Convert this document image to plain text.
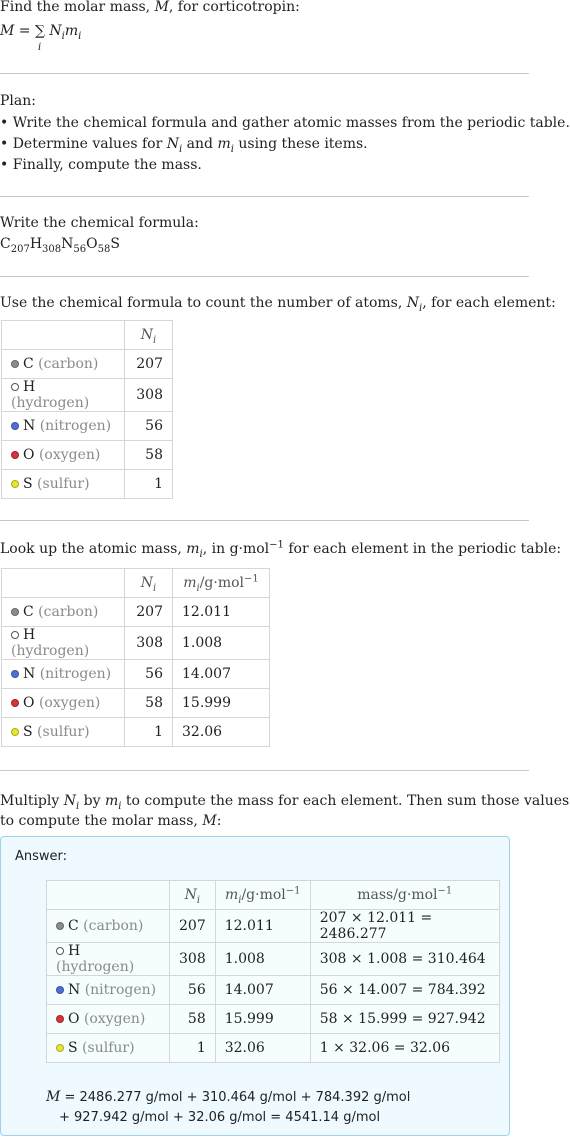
Find the molar mass, M, for corticotropin:
M = ∑ $N_im_i$
i
Plan:
• Write the chemical formula and gather atomic masses from the periodic table.
• Determine values for $N_i$ and $m_i$ using these items.
• Finally, compute the mass.
Write the chemical formula:
$C_{207}H_{308}N_{56}O_{58}S$
Use the chemical formula to count the number of atoms, $N_i$, for each element:
	$N_i$
C (carbon)	207
H (hydrogen)	308
N (nitrogen)	56
O (oxygen)	58
S (sulfur)	1
Look up the atomic mass, $m_i$, in g·mol$^{-1}$ for each element in the periodic table:
	$N_i$	$m_i/g\cdot mol^{-1}$
C (carbon)	207	12.011
H (hydrogen)	308	1.008
N (nitrogen)	56	14.007
O (oxygen)	58	15.999
S (sulfur)	1	32.06
Multiply $N_i$ by $m_i$ to compute the mass for each element. Then sum those values
to compute the molar mass, M:
Answer:
	$N_i$	$m_i/g\cdot mol^{-1}$	mass/g·mol$^{-1}$
C (carbon)	207	12.011	207 × 12.011 = 2486.277
H (hydrogen)	308	1.008	308 × 1.008 = 310.464
N (nitrogen)	56	14.007	56 × 14.007 = 784.392
O (oxygen)	58	15.999	58 × 15.999 = 927.942
S (sulfur)	1	32.06	1 × 32.06 = 32.06
M = 2486.277 g/mol + 310.464 g/mol + 784.392 g/mol
+ 927.942 g/mol + 32.06 g/mol = 4541.14 g/mol
